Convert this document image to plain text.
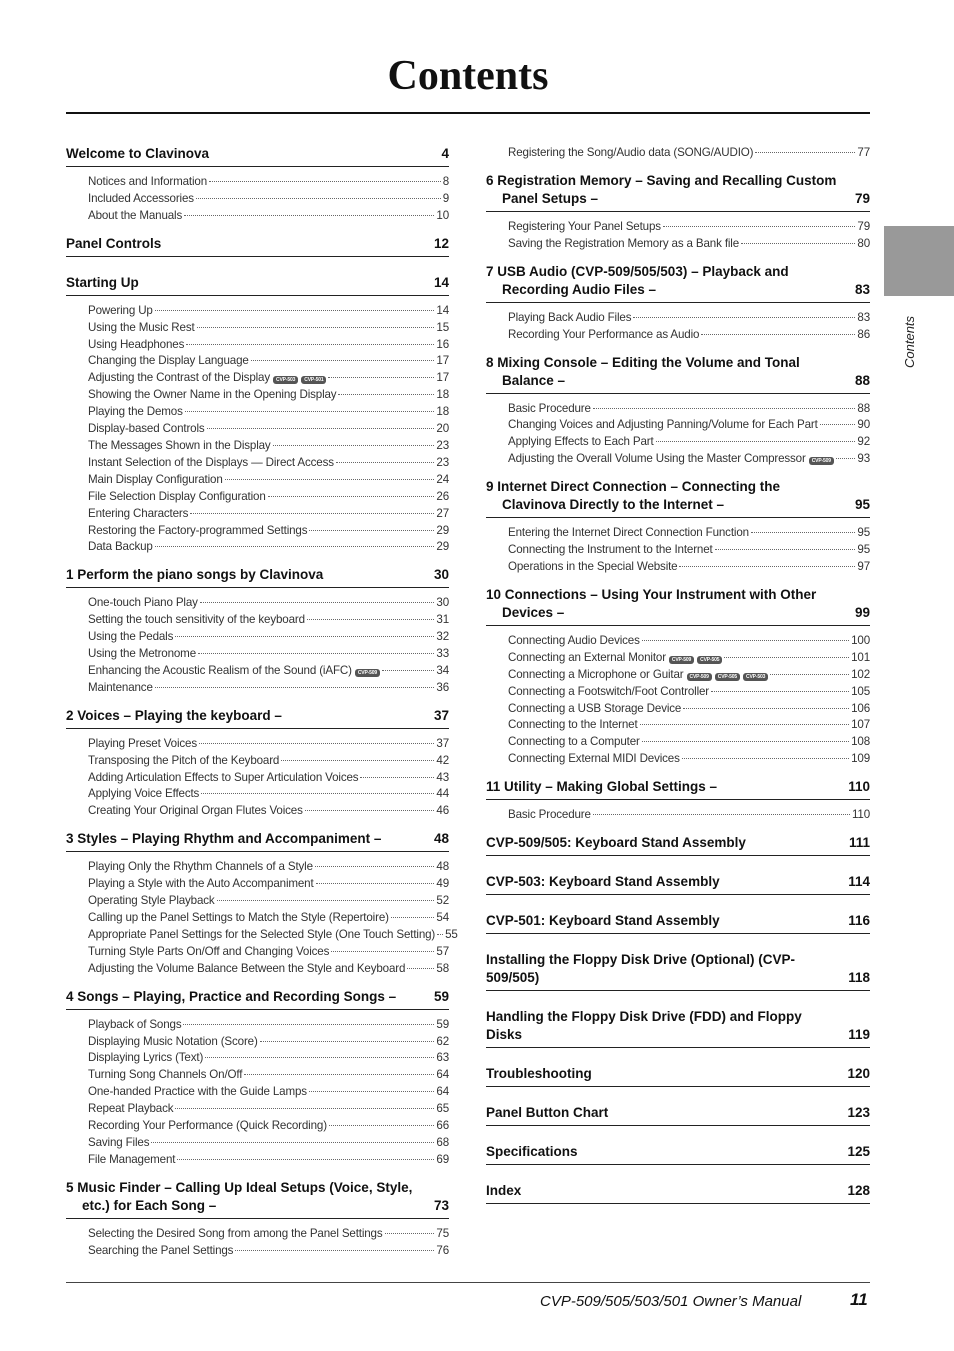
Contents
Welcome to Clavinova	4
Notices and Information	8
Included Accessories	9
About the Manuals	10
Panel Controls	12
Starting Up	14
Powering Up	14
Using the Music Rest	15
Using Headphones	16
Changing the Display Language	17
Adjusting the Contrast of the Display	CVP-503	CVP-501	17
Showing the Owner Name in the Opening Display	18
Playing the Demos	18
Display-based Controls	20
The Messages Shown in the Display	23
Instant Selection of the Displays — Direct Access	23
Main Display Configuration	24
File Selection Display Configuration	26
Entering Characters	27
Restoring the Factory-programmed Settings	29
Data Backup	29
1 Perform the piano songs by Clavinova	30
One-touch Piano Play	30
Setting the touch sensitivity of the keyboard	31
Using the Pedals	32
Using the Metronome	33
Enhancing the Acoustic Realism of the Sound (iAFC)	CVP-509	34
Maintenance	36
2 Voices – Playing the keyboard –	37
Playing Preset Voices	37
Transposing the Pitch of the Keyboard	42
Adding Articulation Effects to Super Articulation Voices	43
Applying Voice Effects	44
Creating Your Original Organ Flutes Voices	46
3 Styles – Playing Rhythm and Accompaniment –	48
Playing Only the Rhythm Channels of a Style	48
Playing a Style with the Auto Accompaniment	49
Operating Style Playback	52
Calling up the Panel Settings to Match the Style (Repertoire)	54
Appropriate Panel Settings for the Selected Style (One Touch Setting) 55
Turning Style Parts On/Off and Changing Voices	57
Adjusting the Volume Balance Between the Style and Keyboard	58
4 Songs – Playing, Practice and Recording Songs –	59
Playback of Songs	59
Displaying Music Notation (Score)	62
Displaying Lyrics (Text)	63
Turning Song Channels On/Off	64
One-handed Practice with the Guide Lamps	64
Repeat Playback	65
Recording Your Performance (Quick Recording)	66
Saving Files	68
File Management	69
5 Music Finder – Calling Up Ideal Setups (Voice, Style, etc.) for Each Song –	73
Selecting the Desired Song from among the Panel Settings	75
Searching the Panel Settings	76
Registering the Song/Audio data (SONG/AUDIO)	77
6 Registration Memory – Saving and Recalling Custom Panel Setups –	79
Registering Your Panel Setups	79
Saving the Registration Memory as a Bank file	80
7 USB Audio (CVP-509/505/503) – Playback and Recording Audio Files –	83
Playing Back Audio Files	83
Recording Your Performance as Audio	86
8 Mixing Console – Editing the Volume and Tonal Balance –	88
Basic Procedure	88
Changing Voices and Adjusting Panning/Volume for Each Part	90
Applying Effects to Each Part	92
Adjusting the Overall Volume Using the Master Compressor	CVP-509 93
9 Internet Direct Connection – Connecting the Clavinova Directly to the Internet –	95
Entering the Internet Direct Connection Function	95
Connecting the Instrument to the Internet	95
Operations in the Special Website	97
10 Connections – Using Your Instrument with Other Devices –	99
Connecting Audio Devices	100
Connecting an External Monitor	CVP-509	CVP-505	101
Connecting a Microphone or Guitar	CVP-509	CVP-505	CVP-503	102
Connecting a Footswitch/Foot Controller	105
Connecting a USB Storage Device	106
Connecting to the Internet	107
Connecting to a Computer	108
Connecting External MIDI Devices	109
11 Utility – Making Global Settings –	110
Basic Procedure	110
CVP-509/505: Keyboard Stand Assembly	111
CVP-503: Keyboard Stand Assembly	114
CVP-501: Keyboard Stand Assembly	116
Installing the Floppy Disk Drive (Optional) (CVP-509/505)	118
Handling the Floppy Disk Drive (FDD) and Floppy Disks	119
Troubleshooting	120
Panel Button Chart	123
Specifications	125
Index	128
Contents
CVP-509/505/503/501 Owner’s Manual	11
